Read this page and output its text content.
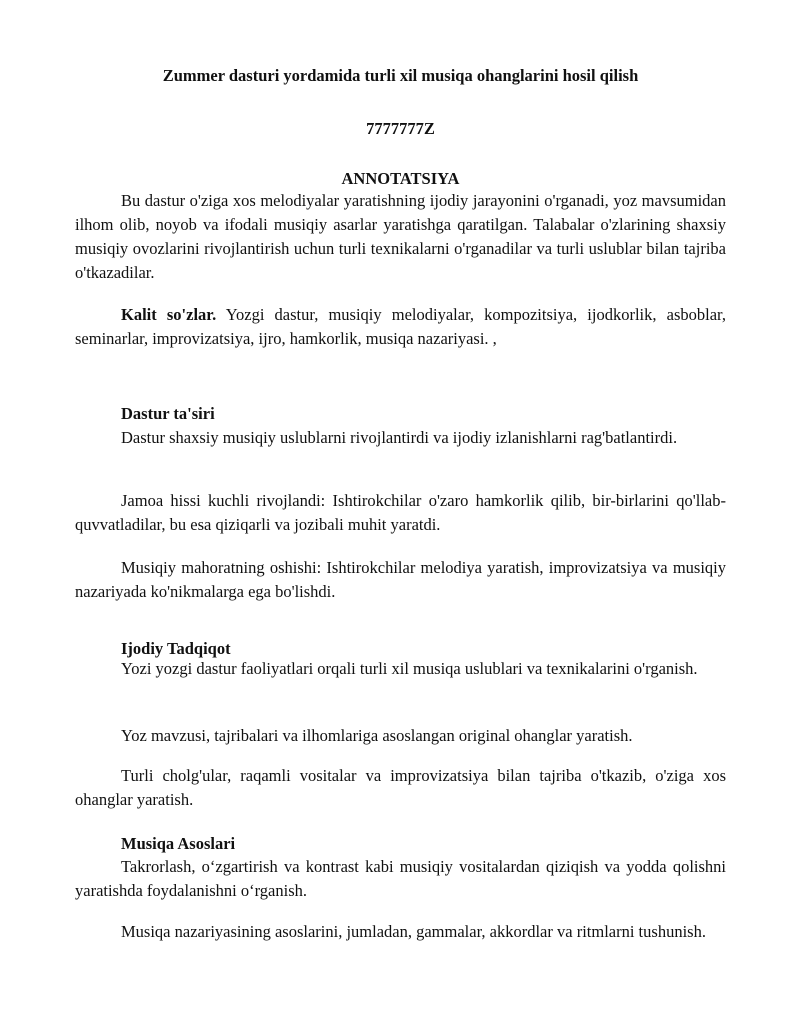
Zummer dasturi yordamida turli xil musiqa ohanglarini hosil qilish
7777777Z
ANNOTATSIYA

Bu dastur o'ziga xos melodiyalar yaratishning ijodiy jarayonini o'rganadi, yoz mavsumidan ilhom olib, noyob va ifodali musiqiy asarlar yaratishga qaratilgan. Talabalar o'zlarining shaxsiy musiqiy ovozlarini rivojlantirish uchun turli texnikalarni o'rganadilar va turli uslublar bilan tajriba o'tkazadilar.

Kalit so'zlar. Yozgi dastur, musiqiy melodiyalar, kompozitsiya, ijodkorlik, asboblar, seminarlar, improvizatsiya, ijro, hamkorlik, musiqa nazariyasi. ,

Dastur ta'siri

Dastur shaxsiy musiqiy uslublarni rivojlantirdi va ijodiy izlanishlarni rag'batlantirdi.

Jamoa hissi kuchli rivojlandi: Ishtirokchilar o'zaro hamkorlik qilib, bir-birlarini qo'llab-quvvatladilar, bu esa qiziqarli va jozibali muhit yaratdi.

Musiqiy mahoratning oshishi: Ishtirokchilar melodiya yaratish, improvizatsiya va musiqiy nazariyada ko'nikmalarga ega bo'lishdi.

Ijodiy Tadqiqot

Yozi yozgi dastur faoliyatlari orqali turli xil musiqa uslublari va texnikalarini o'rganish.

Yoz mavzusi, tajribalari va ilhomlariga asoslangan original ohanglar yaratish.

Turli cholg'ular, raqamli vositalar va improvizatsiya bilan tajriba o'tkazib, o'ziga xos ohanglar yaratish.

Musiqa Asoslari

Takrorlash, o‘zgartirish va kontrast kabi musiqiy vositalardan qiziqish va yodda qolishni yaratishda foydalanishni o‘rganish.

Musiqa nazariyasining asoslarini, jumladan, gammalar, akkordlar va ritmlarni tushunish.
